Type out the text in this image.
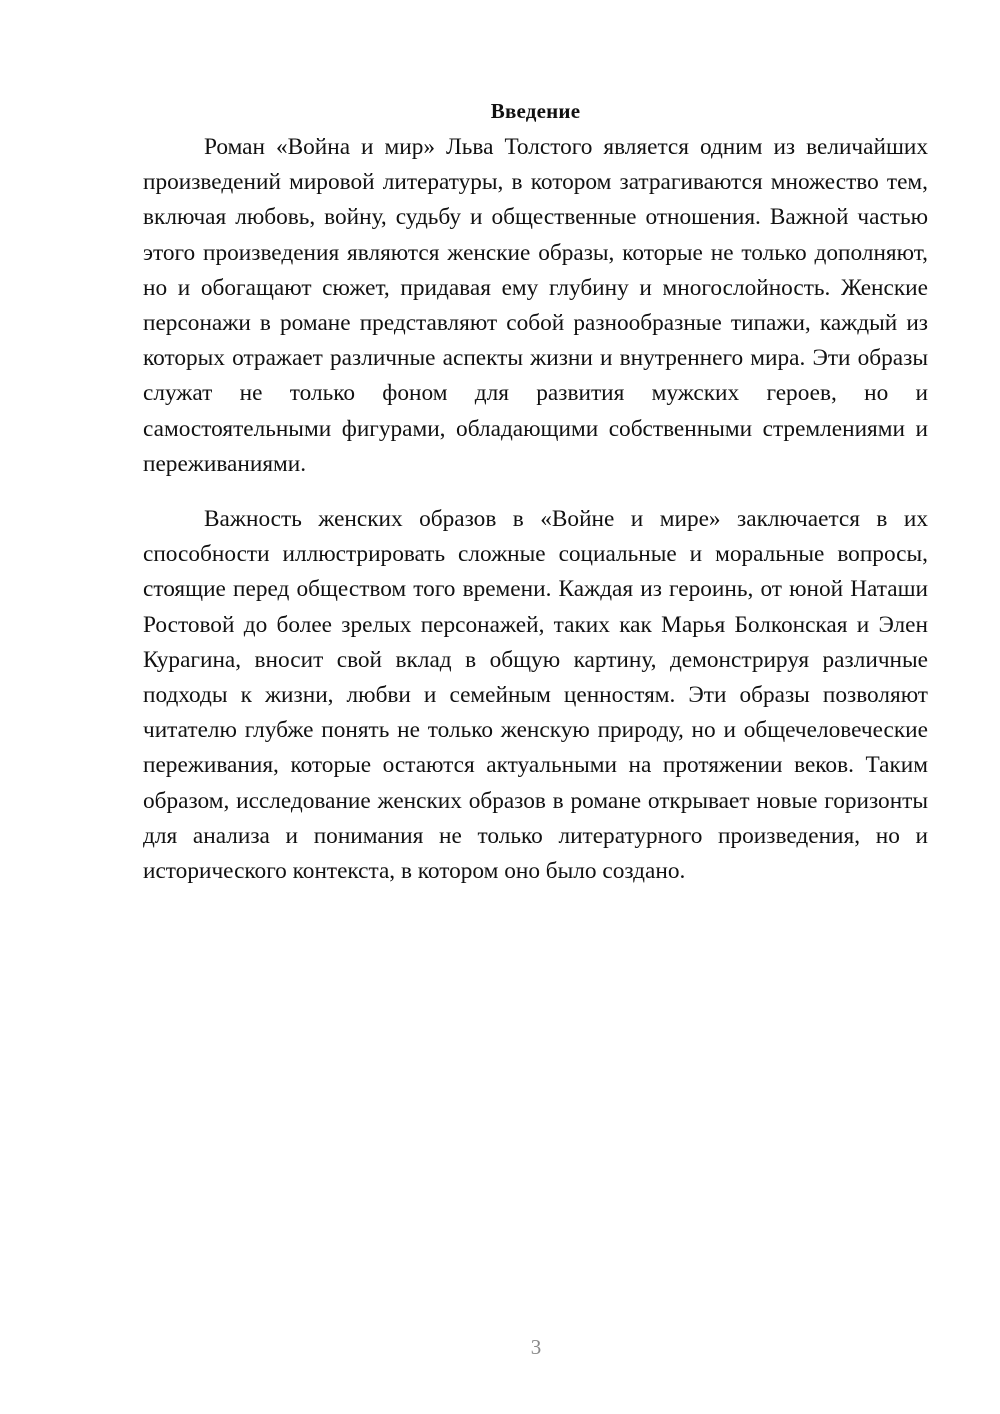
Введение

Роман «Война и мир» Льва Толстого является одним из величайших произведений мировой литературы, в котором затрагиваются множество тем, включая любовь, войну, судьбу и общественные отношения. Важной частью этого произведения являются женские образы, которые не только дополняют, но и обогащают сюжет, придавая ему глубину и многослойность. Женские персонажи в романе представляют собой разнообразные типажи, каждый из которых отражает различные аспекты жизни и внутреннего мира. Эти образы служат не только фоном для развития мужских героев, но и самостоятельными фигурами, обладающими собственными стремлениями и переживаниями.

Важность женских образов в «Войне и мире» заключается в их способности иллюстрировать сложные социальные и моральные вопросы, стоящие перед обществом того времени. Каждая из героинь, от юной Наташи Ростовой до более зрелых персонажей, таких как Марья Болконская и Элен Курагина, вносит свой вклад в общую картину, демонстрируя различные подходы к жизни, любви и семейным ценностям. Эти образы позволяют читателю глубже понять не только женскую природу, но и общечеловеческие переживания, которые остаются актуальными на протяжении веков. Таким образом, исследование женских образов в романе открывает новые горизонты для анализа и понимания не только литературного произведения, но и исторического контекста, в котором оно было создано.

3
